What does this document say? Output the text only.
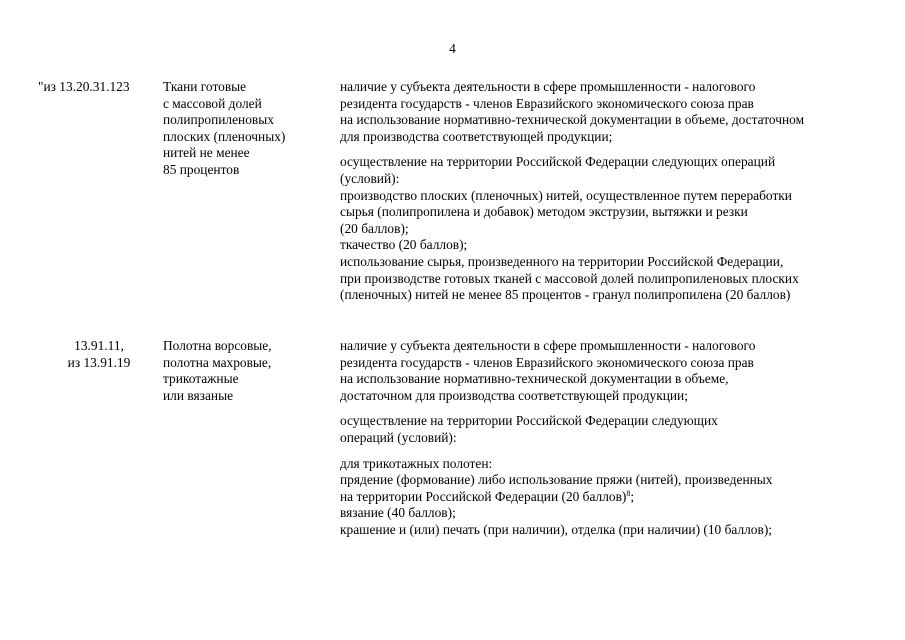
4
"из 13.20.31.123	Ткани готовые
с массовой долей
полипропиленовых
плоских (пленочных)
нитей не менее
85 процентов
наличие у субъекта деятельности в сфере промышленности - налогового
резидента государств - членов Евразийского экономического союза прав
на использование нормативно-технической документации в объеме, достаточном
для производства соответствующей продукции;
осуществление на территории Российской Федерации следующих операций
(условий):
производство плоских (пленочных) нитей, осуществленное путем переработки
сырья (полипропилена и добавок) методом экструзии, вытяжки и резки
(20 баллов);
ткачество (20 баллов);
использование сырья, произведенного на территории Российской Федерации,
при производстве готовых тканей с массовой долей полипропиленовых плоских
(пленочных) нитей не менее 85 процентов - гранул полипропилена (20 баллов)
13.91.11,
из 13.91.19
Полотна ворсовые,
полотна махровые,
трикотажные
или вязаные
наличие у субъекта деятельности в сфере промышленности - налогового
резидента государств - членов Евразийского экономического союза прав
на использование нормативно-технической документации в объеме,
достаточном для производства соответствующей продукции;
осуществление на территории Российской Федерации следующих
операций (условий):
для трикотажных полотен:
прядение (формование) либо использование пряжи (нитей), произведенных
на территории Российской Федерации (20 баллов)$^8$;
вязание (40 баллов);
крашение и (или) печать (при наличии), отделка (при наличии) (10 баллов);
